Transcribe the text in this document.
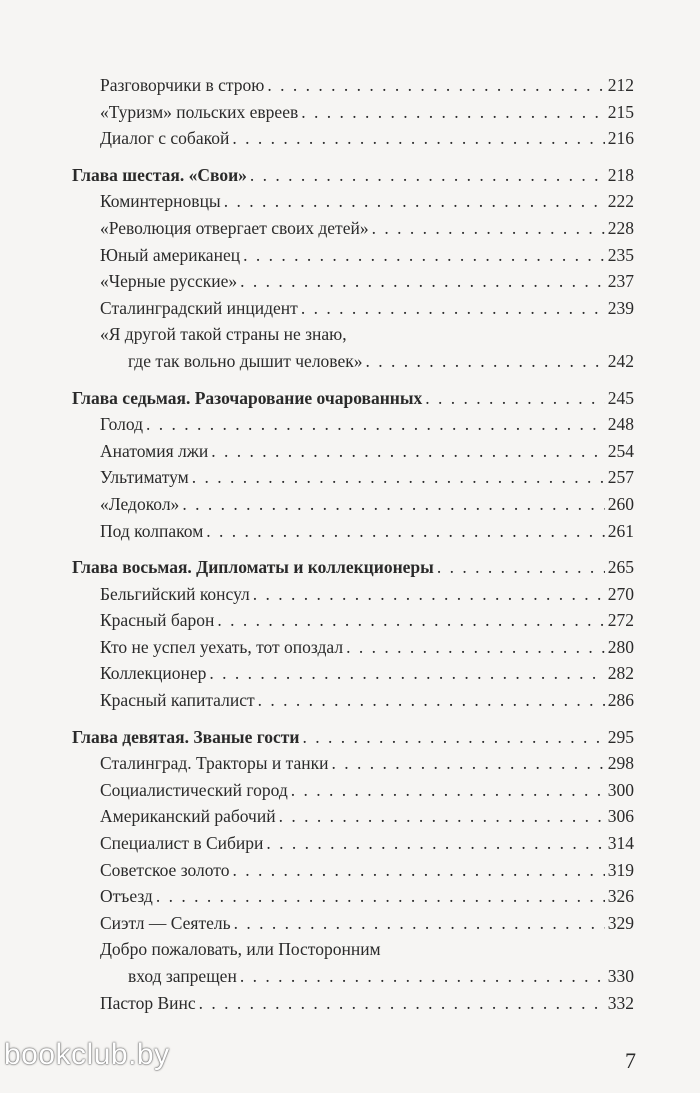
Разговорчики в строю . . .	212
«Туризм» польских евреев . . .	215
Диалог с собакой . . .	216
Глава шестая. «Свои» . . .	218
Коминтерновцы . . .	222
«Революция отвергает своих детей» . . .	228
Юный американец . . .	235
«Черные русские» . . .	237
Сталинградский инцидент . . .	239
«Я другой такой страны не знаю,
где так вольно дышит человек» . . .	242
Глава седьмая. Разочарование очарованных . . .	245
Голод . . .	248
Анатомия лжи . . .	254
Ультиматум . . .	257
«Ледокол» . . .	260
Под колпаком . . .	261
Глава восьмая. Дипломаты и коллекционеры . . .	265
Бельгийский консул . . .	270
Красный барон . . .	272
Кто не успел уехать, тот опоздал . . .	280
Коллекционер . . .	282
Красный капиталист . . .	286
Глава девятая. Званые гости . . .	295
Сталинград. Тракторы и танки . . .	298
Социалистический город . . .	300
Американский рабочий . . .	306
Специалист в Сибири . . .	314
Советское золото . . .	319
Отъезд . . .	326
Сиэтл — Сеятель . . .	329
Добро пожаловать, или Посторонним
вход запрещен . . .	330
Пастор Винс . . .	332
bookclub.by	7
